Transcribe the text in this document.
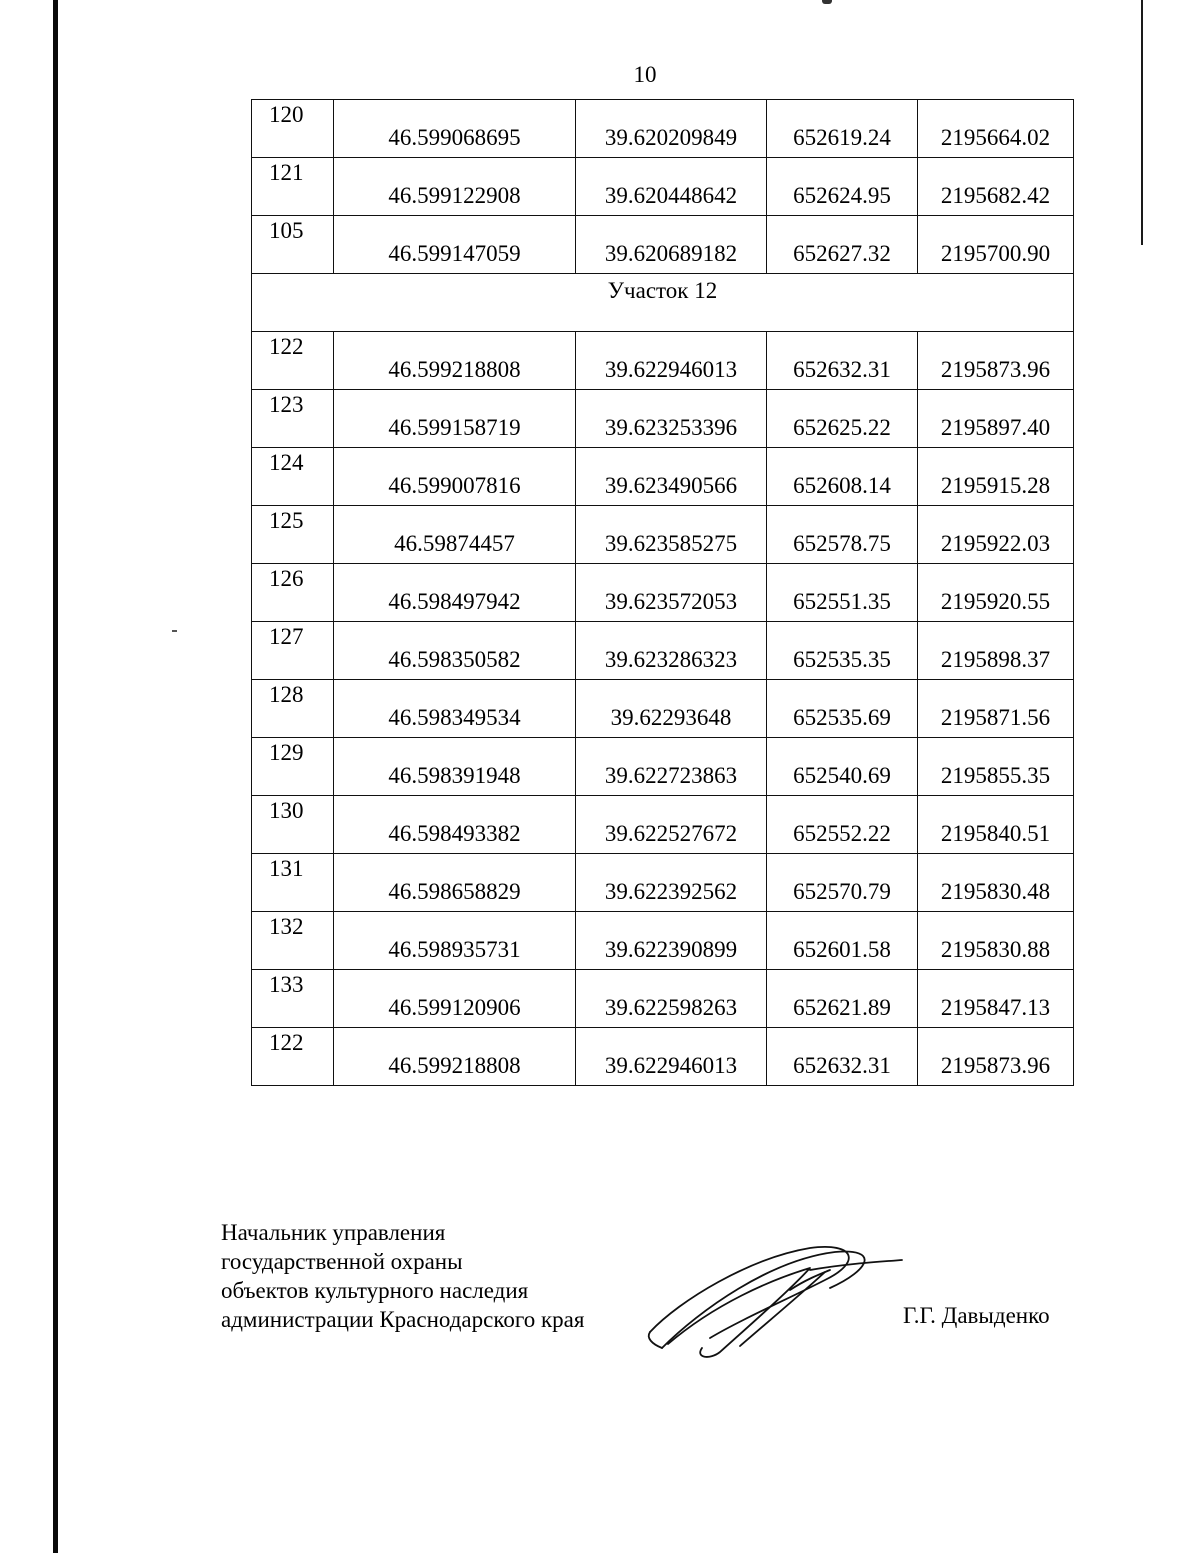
10
120	46.599068695	39.620209849	652619.24	2195664.02
121	46.599122908	39.620448642	652624.95	2195682.42
105	46.599147059	39.620689182	652627.32	2195700.90
Участок 12				
122	46.599218808	39.622946013	652632.31	2195873.96
123	46.599158719	39.623253396	652625.22	2195897.40
124	46.599007816	39.623490566	652608.14	2195915.28
125	46.59874457	39.623585275	652578.75	2195922.03
126	46.598497942	39.623572053	652551.35	2195920.55
127	46.598350582	39.623286323	652535.35	2195898.37
128	46.598349534	39.62293648	652535.69	2195871.56
129	46.598391948	39.622723863	652540.69	2195855.35
130	46.598493382	39.622527672	652552.22	2195840.51
131	46.598658829	39.622392562	652570.79	2195830.48
132	46.598935731	39.622390899	652601.58	2195830.88
133	46.599120906	39.622598263	652621.89	2195847.13
122	46.599218808	39.622946013	652632.31	2195873.96
Начальник управления
государственной охраны
объектов культурного наследия
администрации Краснодарского края	Г.Г. Давыденко
